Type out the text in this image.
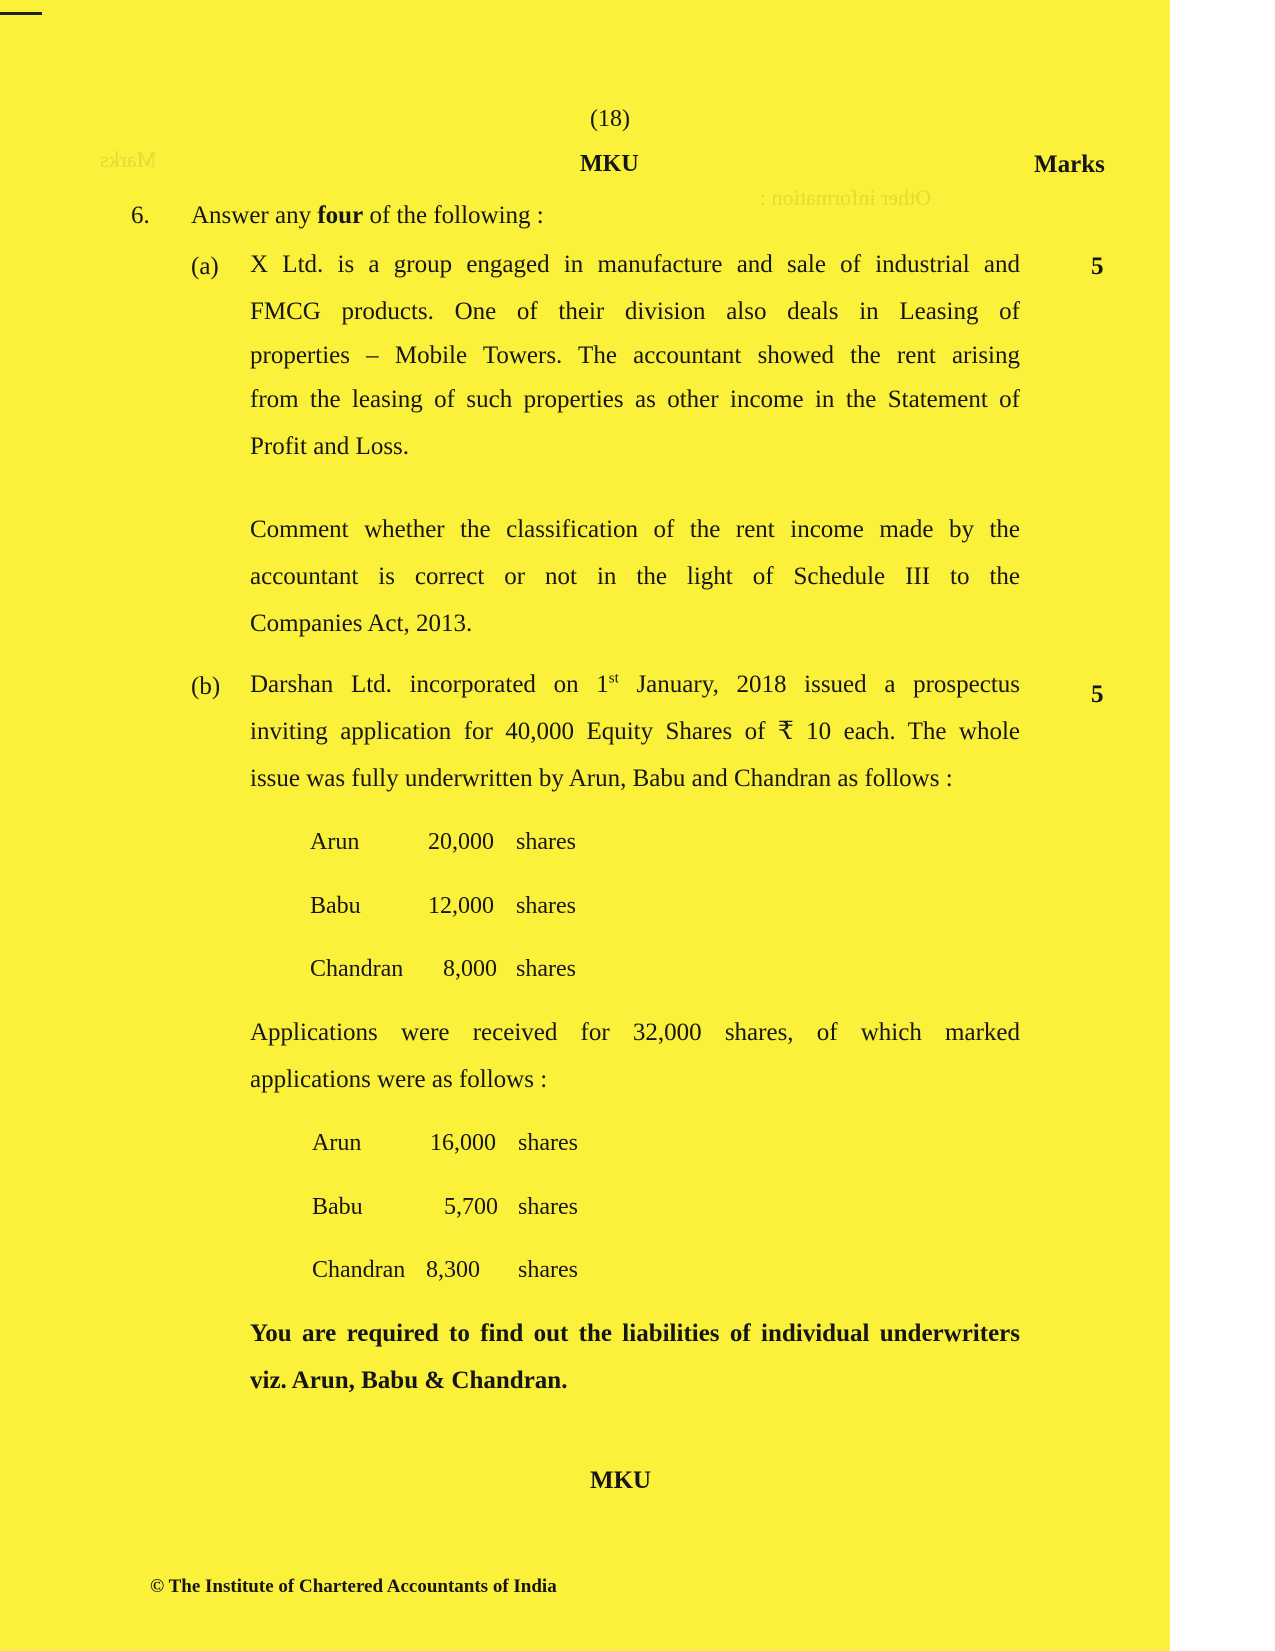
Other information :
Marks
(18)
MKU	Marks
6. Answer any four of the following :
(a)	5
X Ltd. is a group engaged in manufacture and sale of industrial and
FMCG products. One of their division also deals in Leasing of
properties – Mobile Towers. The accountant showed the rent arising
from the leasing of such properties as other income in the Statement of
Profit and Loss.
Comment whether the classification of the rent income made by the
accountant is correct or not in the light of Schedule III to the
Companies Act, 2013.
(b)	5
Darshan Ltd. incorporated on 1st January, 2018 issued a prospectus
inviting application for 40,000 Equity Shares of ₹ 10 each. The whole
issue was fully underwritten by Arun, Babu and Chandran as follows :
Arun	20,000 shares
Babu	12,000 shares
Chandran 8,000 shares
Applications were received for 32,000 shares, of which marked
applications were as follows :
Arun	16,000 shares
Babu	5,700 shares
Chandran 8,300 shares
You are required to find out the liabilities of individual underwriters
viz. Arun, Babu & Chandran.
MKU
© The Institute of Chartered Accountants of India
